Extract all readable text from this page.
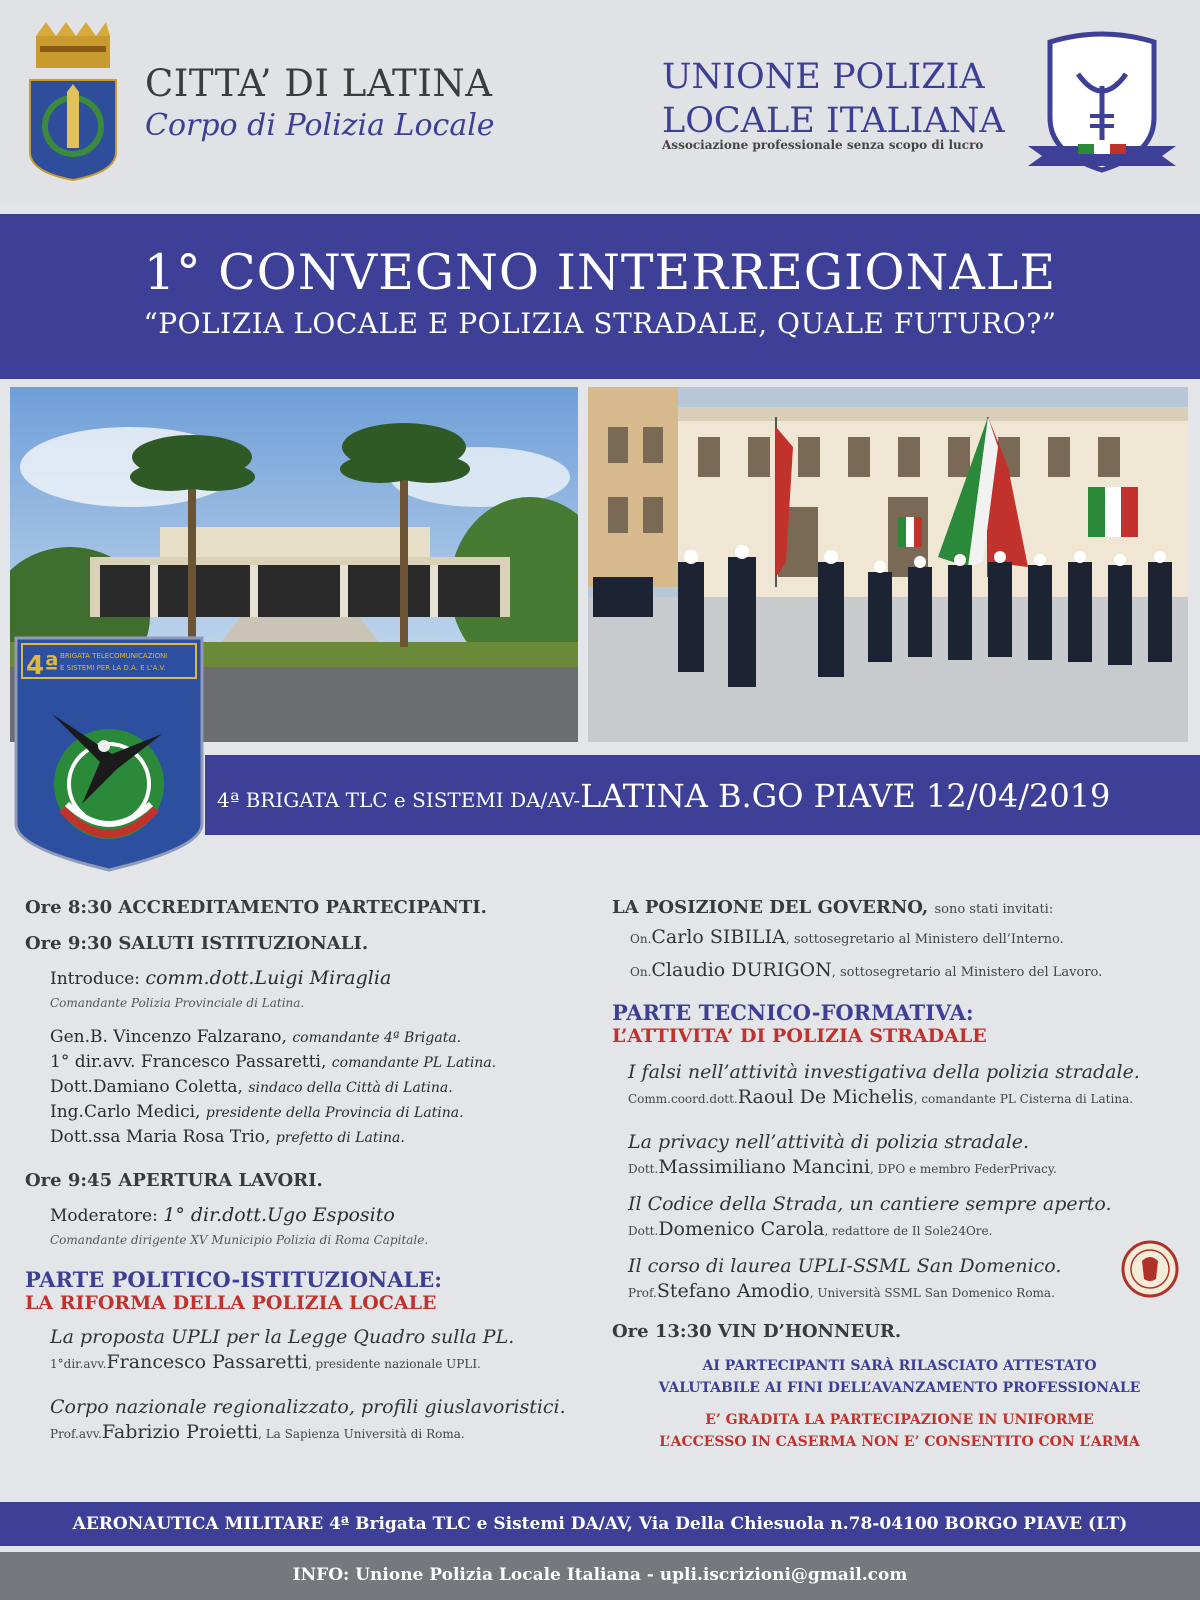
CITTA’ DI LATINA
Corpo di Polizia Locale
UNIONE POLIZIA
LOCALE ITALIANA
Associazione professionale senza scopo di lucro
1° CONVEGNO INTERREGIONALE
“POLIZIA LOCALE E POLIZIA STRADALE, QUALE FUTURO?”
4ª BRIGATA TLC e SISTEMI DA/AV-LATINA B.GO PIAVE 12/04/2019
4ª BRIGATA TELECOMUNICAZIONI
E SISTEMI PER LA D.A. E L'A.V.
Ore 8:30 ACCREDITAMENTO PARTECIPANTI.
Ore 9:30 SALUTI ISTITUZIONALI.
Introduce: comm.dott.Luigi Miraglia
Comandante Polizia Provinciale di Latina.
Gen.B. Vincenzo Falzarano, comandante 4ª Brigata.
1° dir.avv. Francesco Passaretti, comandante PL Latina.
Dott.Damiano Coletta, sindaco della Città di Latina.
Ing.Carlo Medici, presidente della Provincia di Latina.
Dott.ssa Maria Rosa Trio, prefetto di Latina.
Ore 9:45 APERTURA LAVORI.
Moderatore: 1° dir.dott.Ugo Esposito
Comandante dirigente XV Municipio Polizia di Roma Capitale.
PARTE POLITICO-ISTITUZIONALE:
LA RIFORMA DELLA POLIZIA LOCALE
La proposta UPLI per la Legge Quadro sulla PL.
1°dir.avv.Francesco Passaretti, presidente nazionale UPLI.
Corpo nazionale regionalizzato, profili giuslavoristici.
Prof.avv.Fabrizio Proietti, La Sapienza Università di Roma.
LA POSIZIONE DEL GOVERNO, sono stati invitati:
On.Carlo SIBILIA, sottosegretario al Ministero dell’Interno.
On.Claudio DURIGON, sottosegretario al Ministero del Lavoro.
PARTE TECNICO-FORMATIVA:
L’ATTIVITA’ DI POLIZIA STRADALE
I falsi nell’attività investigativa della polizia stradale.
Comm.coord.dott.Raoul De Michelis, comandante PL Cisterna di Latina.
La privacy nell’attività di polizia stradale.
Dott.Massimiliano Mancini, DPO e membro FederPrivacy.
Il Codice della Strada, un cantiere sempre aperto.
Dott.Domenico Carola, redattore de Il Sole24Ore.
Il corso di laurea UPLI-SSML San Domenico.
Prof.Stefano Amodio, Università SSML San Domenico Roma.
Ore 13:30 VIN D’HONNEUR.
AI PARTECIPANTI SARÀ RILASCIATO ATTESTATO
VALUTABILE AI FINI DELL’AVANZAMENTO PROFESSIONALE
E’ GRADITA LA PARTECIPAZIONE IN UNIFORME
L’ACCESSO IN CASERMA NON E’ CONSENTITO CON L’ARMA
AERONAUTICA MILITARE 4ª Brigata TLC e Sistemi DA/AV, Via Della Chiesuola n.78-04100 BORGO PIAVE (LT)
INFO: Unione Polizia Locale Italiana - upli.iscrizioni@gmail.com
